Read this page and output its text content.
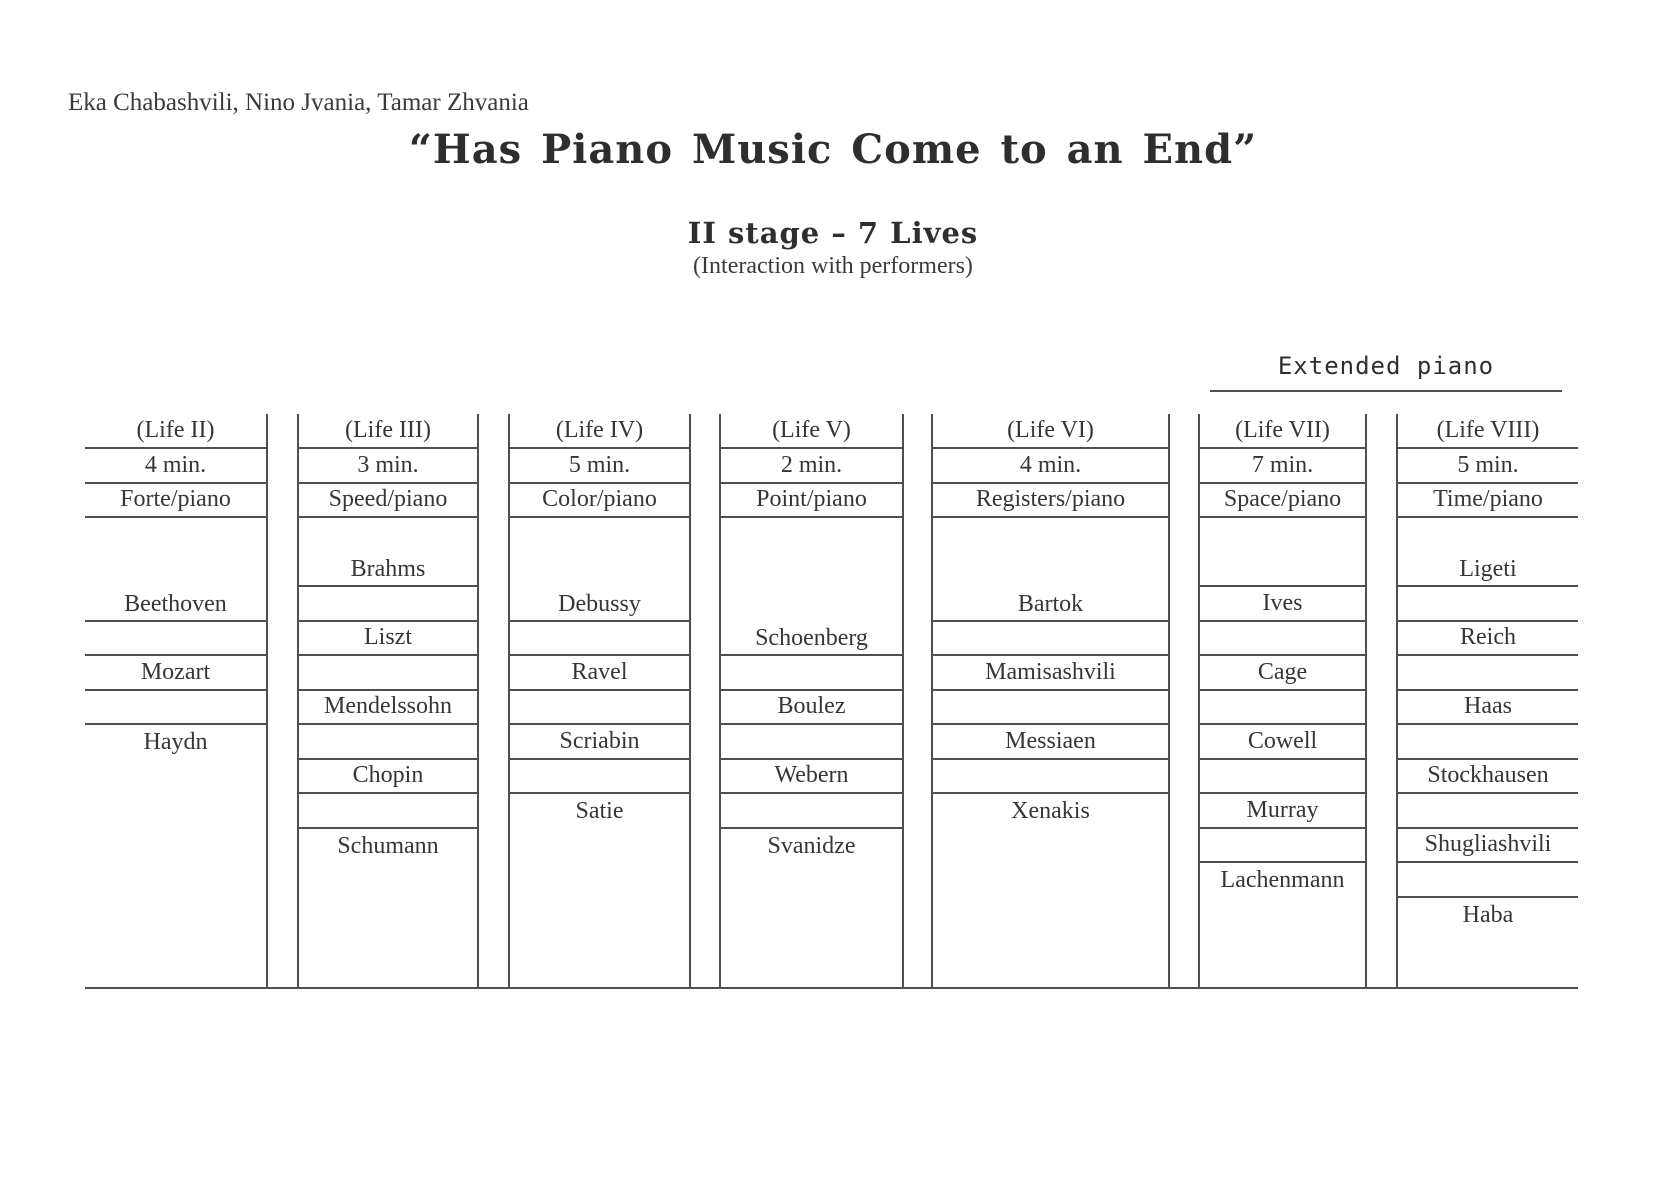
Eka Chabashvili, Nino Jvania, Tamar Zhvania
“Has Piano Music Come to an End”
II stage – 7 Lives
(Interaction with performers)
Extended piano
(Life II)
4 min.
Forte/piano
Beethoven
Mozart
Haydn
(Life III)
3 min.
Speed/piano
Brahms
Liszt
Mendelssohn
Chopin
Schumann
(Life IV)
5 min.
Color/piano
Debussy
Ravel
Scriabin
Satie
(Life V)
2 min.
Point/piano
Schoenberg
Boulez
Webern
Svanidze
(Life VI)
4 min.
Registers/piano
Bartok
Mamisashvili
Messiaen
Xenakis
(Life VII)
7 min.
Space/piano
Ives
Cage
Cowell
Murray
Lachenmann
(Life VIII)
5 min.
Time/piano
Ligeti
Reich
Haas
Stockhausen
Shugliashvili
Haba
